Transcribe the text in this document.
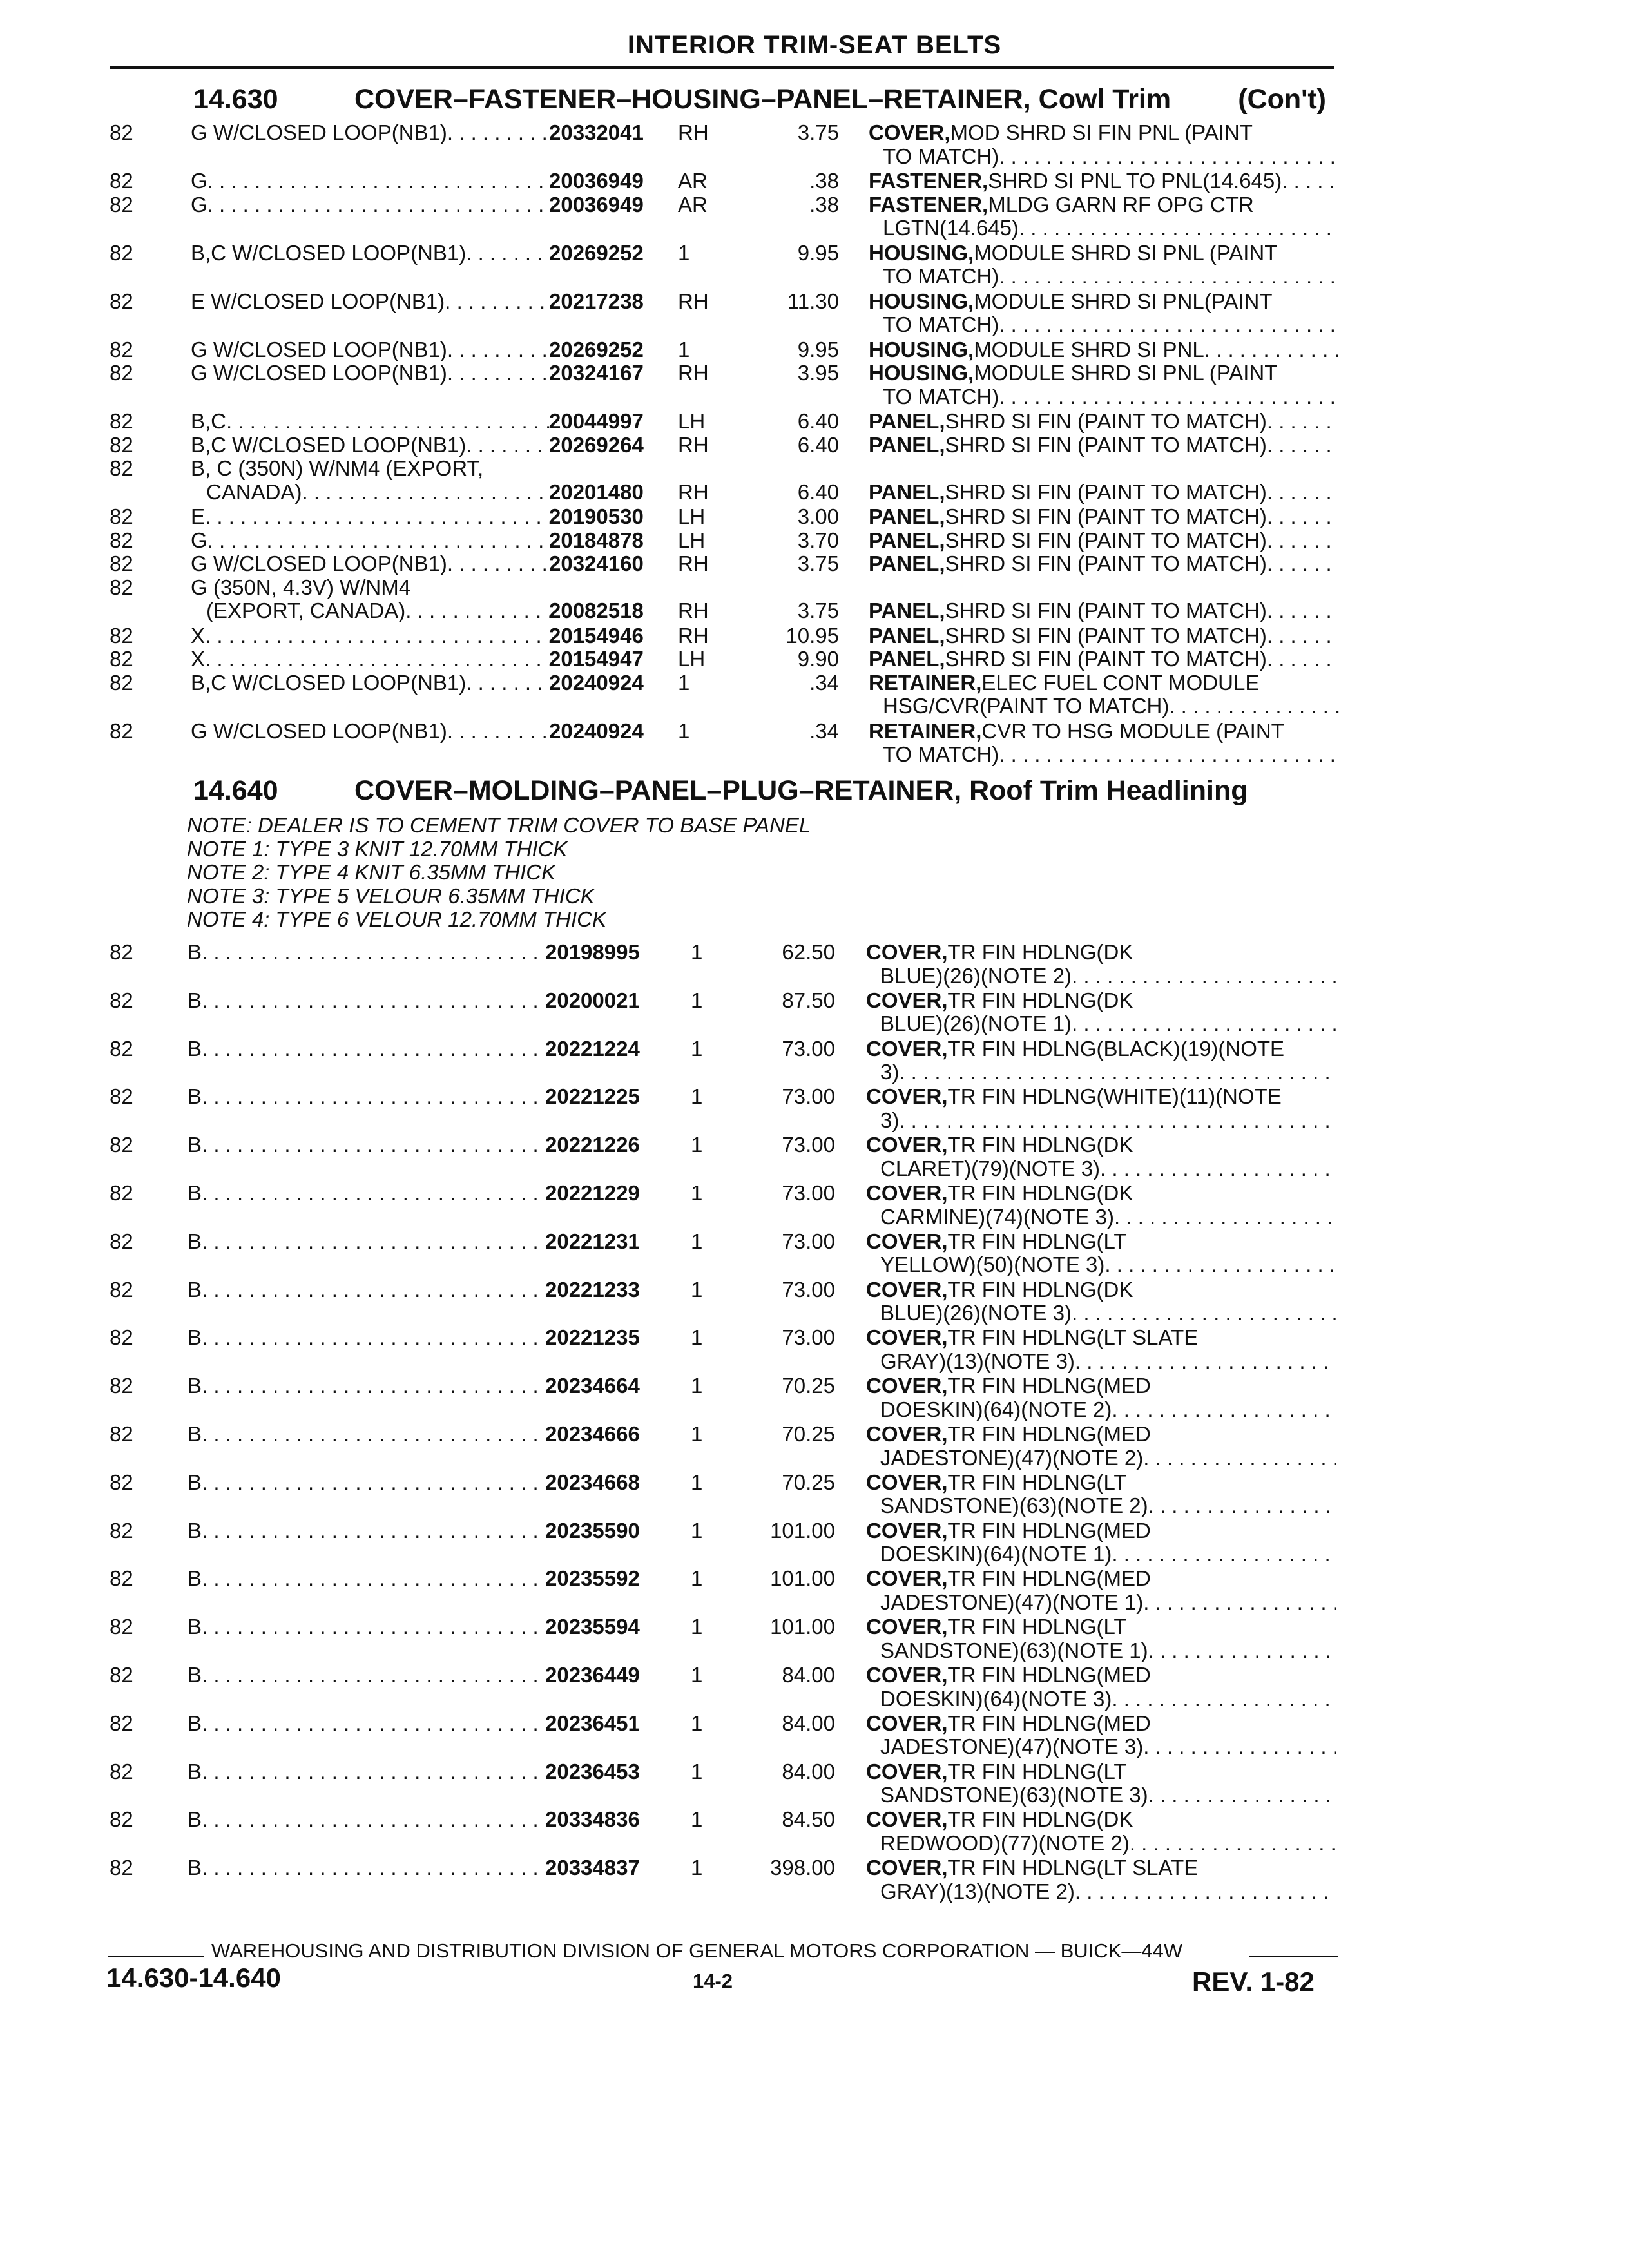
INTERIOR TRIM-SEAT BELTS
14.630	COVER–FASTENER–HOUSING–PANEL–RETAINER, Cowl Trim (Con't)
82	G W/CLOSED LOOP(NB1) . . .	20332041 RH	3.75 COVER, MOD SHRD SI FIN PNL (PAINT
TO MATCH)
. . .
82	G . . .	20036949 AR	.38 FASTENER, SHRD SI PNL TO PNL(14.645)
. . .
82	G . . .	20036949 AR	.38 FASTENER, MLDG GARN RF OPG CTR
LGTN(14.645)
. . .
82	B,C W/CLOSED LOOP(NB1) . . .	20269252 1	9.95 HOUSING, MODULE SHRD SI PNL (PAINT
TO MATCH)
. . .
82	E W/CLOSED LOOP(NB1) . . .	20217238 RH	11.30 HOUSING, MODULE SHRD SI PNL(PAINT
TO MATCH)
. . .
82	G W/CLOSED LOOP(NB1) . . .	20269252 1	9.95 HOUSING, MODULE SHRD SI PNL
. . .
82	G W/CLOSED LOOP(NB1) . . .	20324167 RH	3.95 HOUSING, MODULE SHRD SI PNL (PAINT
TO MATCH)
. . .
82	B,C . . .	20044997 LH	6.40 PANEL, SHRD SI FIN (PAINT TO MATCH)
. . .
82	B,C W/CLOSED LOOP(NB1) . . .	20269264 RH	6.40 PANEL, SHRD SI FIN (PAINT TO MATCH)
. . .
82	B, C (350N) W/NM4 (EXPORT,
CANADA) . . .	20201480 RH	6.40 PANEL, SHRD SI FIN (PAINT TO MATCH)
. . .
82	E . . .	20190530 LH	3.00 PANEL, SHRD SI FIN (PAINT TO MATCH)
. . .
82	G . . .	20184878 LH	3.70 PANEL, SHRD SI FIN (PAINT TO MATCH)
. . .
82	G W/CLOSED LOOP(NB1) . . .	20324160 RH	3.75 PANEL, SHRD SI FIN (PAINT TO MATCH)
. . .
82	G (350N, 4.3V) W/NM4
(EXPORT, CANADA) . . .	20082518 RH	3.75 PANEL, SHRD SI FIN (PAINT TO MATCH)
. . .
82	X . . .	20154946 RH	10.95 PANEL, SHRD SI FIN (PAINT TO MATCH)
. . .
82	X . . .	20154947 LH	9.90 PANEL, SHRD SI FIN (PAINT TO MATCH)
. . .
82	B,C W/CLOSED LOOP(NB1) . . .	20240924 1	.34 RETAINER, ELEC FUEL CONT MODULE
HSG/CVR(PAINT TO MATCH)
. . .
82	G W/CLOSED LOOP(NB1) . . .	20240924 1	.34 RETAINER, CVR TO HSG MODULE (PAINT
TO MATCH)
. . .
14.640	COVER–MOLDING–PANEL–PLUG–RETAINER, Roof Trim Headlining
NOTE: DEALER IS TO CEMENT TRIM COVER TO BASE PANEL
NOTE 1: TYPE 3 KNIT 12.70MM THICK
NOTE 2: TYPE 4 KNIT 6.35MM THICK
NOTE 3: TYPE 5 VELOUR 6.35MM THICK
NOTE 4: TYPE 6 VELOUR 12.70MM THICK
82	B . . .	20198995 1	62.50 COVER, TR FIN HDLNG(DK
BLUE)(26)(NOTE 2)
. . .
82	B . . .	20200021 1	87.50 COVER, TR FIN HDLNG(DK
BLUE)(26)(NOTE 1)
. . .
82	B . . .	20221224 1	73.00 COVER, TR FIN HDLNG(BLACK)(19)(NOTE
3)
. . .
82	B . . .	20221225 1	73.00 COVER, TR FIN HDLNG(WHITE)(11)(NOTE
3)
. . .
82	B . . .	20221226 1	73.00 COVER, TR FIN HDLNG(DK
CLARET)(79)(NOTE 3)
. . .
82	B . . .	20221229 1	73.00 COVER, TR FIN HDLNG(DK
CARMINE)(74)(NOTE 3)
. . .
82	B . . .	20221231 1	73.00 COVER, TR FIN HDLNG(LT
YELLOW)(50)(NOTE 3)
. . .
82	B . . .	20221233 1	73.00 COVER, TR FIN HDLNG(DK
BLUE)(26)(NOTE 3)
. . .
82	B . . .	20221235 1	73.00 COVER, TR FIN HDLNG(LT SLATE
GRAY)(13)(NOTE 3)
. . .
82	B . . .	20234664 1	70.25 COVER, TR FIN HDLNG(MED
DOESKIN)(64)(NOTE 2)
. . .
82	B . . .	20234666 1	70.25 COVER, TR FIN HDLNG(MED
JADESTONE)(47)(NOTE 2)
. . .
82	B . . .	20234668 1	70.25 COVER, TR FIN HDLNG(LT
SANDSTONE)(63)(NOTE 2)
. . .
82	B . . .	20235590 1	101.00 COVER, TR FIN HDLNG(MED
DOESKIN)(64)(NOTE 1)
. . .
82	B . . .	20235592 1	101.00 COVER, TR FIN HDLNG(MED
JADESTONE)(47)(NOTE 1)
. . .
82	B . . .	20235594 1	101.00 COVER, TR FIN HDLNG(LT
SANDSTONE)(63)(NOTE 1)
. . .
82	B . . .	20236449 1	84.00 COVER, TR FIN HDLNG(MED
DOESKIN)(64)(NOTE 3)
. . .
82	B . . .	20236451 1	84.00 COVER, TR FIN HDLNG(MED
JADESTONE)(47)(NOTE 3)
. . .
82	B . . .	20236453 1	84.00 COVER, TR FIN HDLNG(LT
SANDSTONE)(63)(NOTE 3)
. . .
82	B . . .	20334836 1	84.50 COVER, TR FIN HDLNG(DK
REDWOOD)(77)(NOTE 2)
. . .
82	B . . .	20334837 1	398.00 COVER, TR FIN HDLNG(LT SLATE
GRAY)(13)(NOTE 2)
. . .
WAREHOUSING AND DISTRIBUTION DIVISION OF GENERAL MOTORS CORPORATION — BUICK—44W
14.630-14.640	14-2	REV. 1-82
